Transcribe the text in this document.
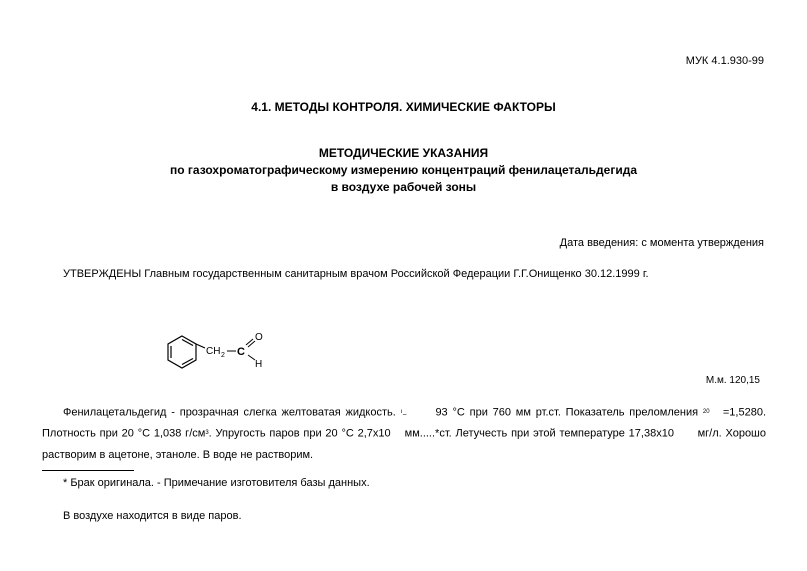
МУК 4.1.930-99
4.1. МЕТОДЫ КОНТРОЛЯ. ХИМИЧЕСКИЕ ФАКТОРЫ
МЕТОДИЧЕСКИЕ УКАЗАНИЯ
по газохроматографическому измерению концентраций фенилацетальдегида
в воздухе рабочей зоны
Дата введения: с момента утверждения
УТВЕРЖДЕНЫ Главным государственным санитарным врачом Российской Федерации Г.Г.Онищенко 30.12.1999 г.
CH 2 C
O
H
М.м. 120,15
Фенилацетальдегид - прозрачная слегка желтоватая жидкость. ι ̲̲	93 °С при 760 мм рт.ст. Показатель преломления 20 =1,5280. Плотность при 20 °С 1,038 г/см3. Упругость паров при 20 °С 2,7х10 мм.....*ст. Летучесть при этой температуре 17,38х10 мг/л. Хорошо растворим в ацетоне, этаноле. В воде не растворим.
* Брак оригинала. - Примечание изготовителя базы данных.
В воздухе находится в виде паров.
